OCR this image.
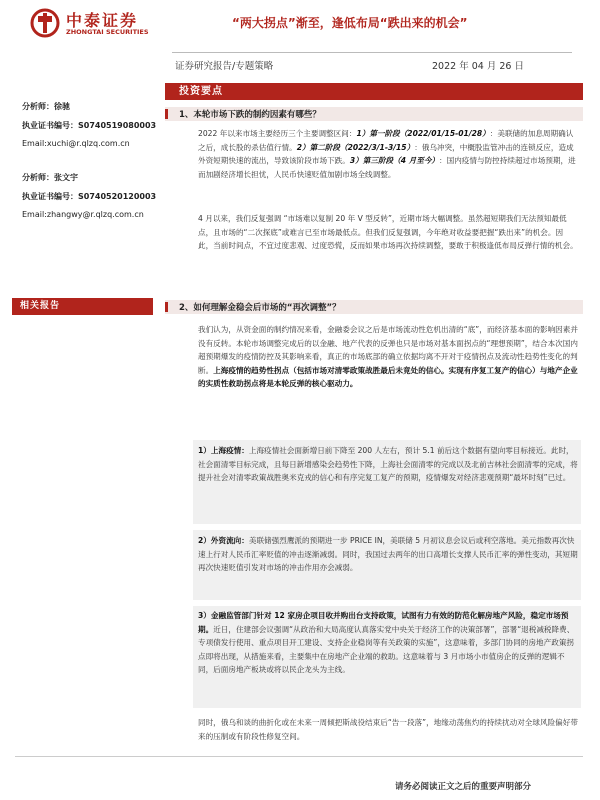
中泰证券
ZHONGTAI SECURITIES
“两大拐点”渐至，逢低布局“跌出来的机会”
证券研究报告/专题策略	2022 年 04 月 26 日
分析师：徐驰
执业证书编号：S0740519080003
Email:xuchi@r.qlzq.com.cn
分析师：张文宇
执业证书编号：S0740520120003
Email:zhangwy@r.qlzq.com.cn
相关报告
投资要点
1、本轮市场下跌的制约因素有哪些？
2022 年以来市场主要经历三个主要调整区间：1）第一阶段（2022/01/15-01/28）：美联储的加息周期确认之后，成长股的杀估值行情。2）第二阶段（2022/3/1-3/15）：俄乌冲突，中概股监管冲击的连锁反应，造成外资短期快速的流出，导致该阶段市场下跌。3）第三阶段（4 月至今）：国内疫情与防控持续超过市场预期，进而加剧经济增长担忧，人民币快速贬值加剧市场全线调整。
4 月以来，我们反复强调 “市场难以复制 20 年 V 型反转”，近期市场大幅调整。虽然超短期我们无法预知最低点，且市场的“二次探底”或难言已至市场最低点。但我们反复强调，今年绝对收益要把握“跌出来”的机会。因此，当前时间点，不宜过度悲观、过度恐慌，反而如果市场再次持续调整，要敢于积极逢低布局反弹行情的机会。
2、如何理解金稳会后市场的“再次调整”？
我们认为，从资金面的制约情况来看，金融委会议之后是市场流动性危机出清的“底”，而经济基本面的影响因素并没有反转。本轮市场调整完成后的以金融、地产代表的反弹也只是市场对基本面拐点的“理想预期”，结合本次国内超预期爆发的疫情防控及其影响来看，真正的市场底部的确立依据均离不开对于疫情拐点及流动性趋势性变化的判断。上海疫情的趋势性拐点（包括市场对清零政策战胜最后未竟处的信心。实现有序复工复产的信心）与地产企业的实质性救助拐点将是本轮反弹的核心驱动力。
1）上海疫情：上海疫情社会面新增日前下降至 200 人左右，预计 5.1 前后这个数据有望向零目标接近。此时，社会面清零目标完成，且每日新增感染会趋势性下降，上海社会面清零的完成以及北前吉林社会面清零的完成，将提升社会对清零政策战胜奥米克戎的信心和有序完复工复产的预期，疫情爆发对经济悲观预期“最坏时刻”已过。
2）外资流向：美联储强烈鹰派的预期进一步 PRICE IN，美联储 5 月初议息会议后或利空落地。美元指数再次快速上行对人民币汇率贬值的冲击逐渐减弱。同时，我国过去两年的出口高增长支撑人民币汇率的弹性变动，其短期再次快速贬值引发对市场的冲击作用亦会减弱。
3）金融监管部门针对 12 家房企项目收并购出台支持政策，试图有力有效的防范化解房地产风险，稳定市场预期。近日，住建部会议强调“从政治和大局高度认真落实党中央关于经济工作的决策部署”，部署“退税减税降费、专项债发行使用、重点项目开工建设、支持企业稳岗等有关政策的实施”，这意味着，多部门协同的房地产政策拐点即将出现，从措施来看，主要集中在房地产企业端的救助。这意味着与 3 月市场小市值房企的反弹的逻辑不同，后面房地产板块或将以民企龙头为主线。
同时，俄乌和谈的曲折化或在未来一周倾把斯战役结束后“告一段落”，地缘动荡焦灼的持续扰动对全球风险偏好带来的压制或有阶段性修复空间。
请务必阅读正文之后的重要声明部分
